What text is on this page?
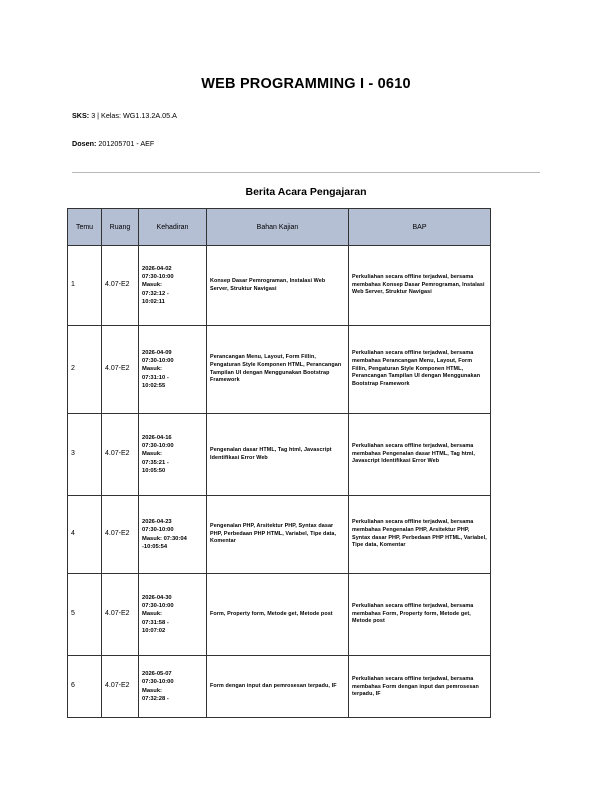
WEB PROGRAMMING I - 0610
SKS: 3 | Kelas: WG1.13.2A.05.A
Dosen: 201205701 - AEF
Berita Acara Pengajaran
Temu	Ruang	Kehadiran	Bahan Kajian	BAP
1	4.07-E2	2026-04-02
07:30-10:00
Masuk:
07:32:12 -
10:02:11	Konsep Dasar Pemrograman, Instalasi Web Server, Struktur Navigasi	Perkuliahan secara offline terjadwal, bersama membahas Konsep Dasar Pemrograman, Instalasi Web Server, Struktur Navigasi
2	4.07-E2	2026-04-09
07:30-10:00
Masuk:
07:31:10 -
10:02:55	Perancangan Menu, Layout, Form Fillin, Pengaturan Style Komponen HTML, Perancangan Tampilan UI dengan Menggunakan Bootstrap Framework	Perkuliahan secara offline terjadwal, bersama membahas Perancangan Menu, Layout, Form Fillin, Pengaturan Style Komponen HTML, Perancangan Tampilan UI dengan Menggunakan Bootstrap Framework
3	4.07-E2	2026-04-16
07:30-10:00
Masuk:
07:35:21 -
10:05:50	Pengenalan dasar HTML, Tag html, Javascript Identifikasi Error Web	Perkuliahan secara offline terjadwal, bersama membahas Pengenalan dasar HTML, Tag html, Javascript Identifikasi Error Web
4	4.07-E2	2026-04-23
07:30-10:00
Masuk: 07:30:04
-10:05:54	Pengenalan PHP, Arsitektur PHP, Syntax dasar PHP, Perbedaan PHP HTML, Variabel, Tipe data, Komentar	Perkuliahan secara offline terjadwal, bersama membahas Pengenalan PHP, Arsitektur PHP, Syntax dasar PHP, Perbedaan PHP HTML, Variabel, Tipe data, Komentar
5	4.07-E2	2026-04-30
07:30-10:00
Masuk:
07:31:58 -
10:07:02	Form, Property form, Metode get, Metode post	Perkuliahan secara offline terjadwal, bersama membahas Form, Property form, Metode get, Metode post
6	4.07-E2	2026-05-07
07:30-10:00
Masuk:
07:32:28 -	Form dengan input dan pemrosesan terpadu, IF	Perkuliahan secara offline terjadwal, bersama membahas Form dengan input dan pemrosesan terpadu, IF
